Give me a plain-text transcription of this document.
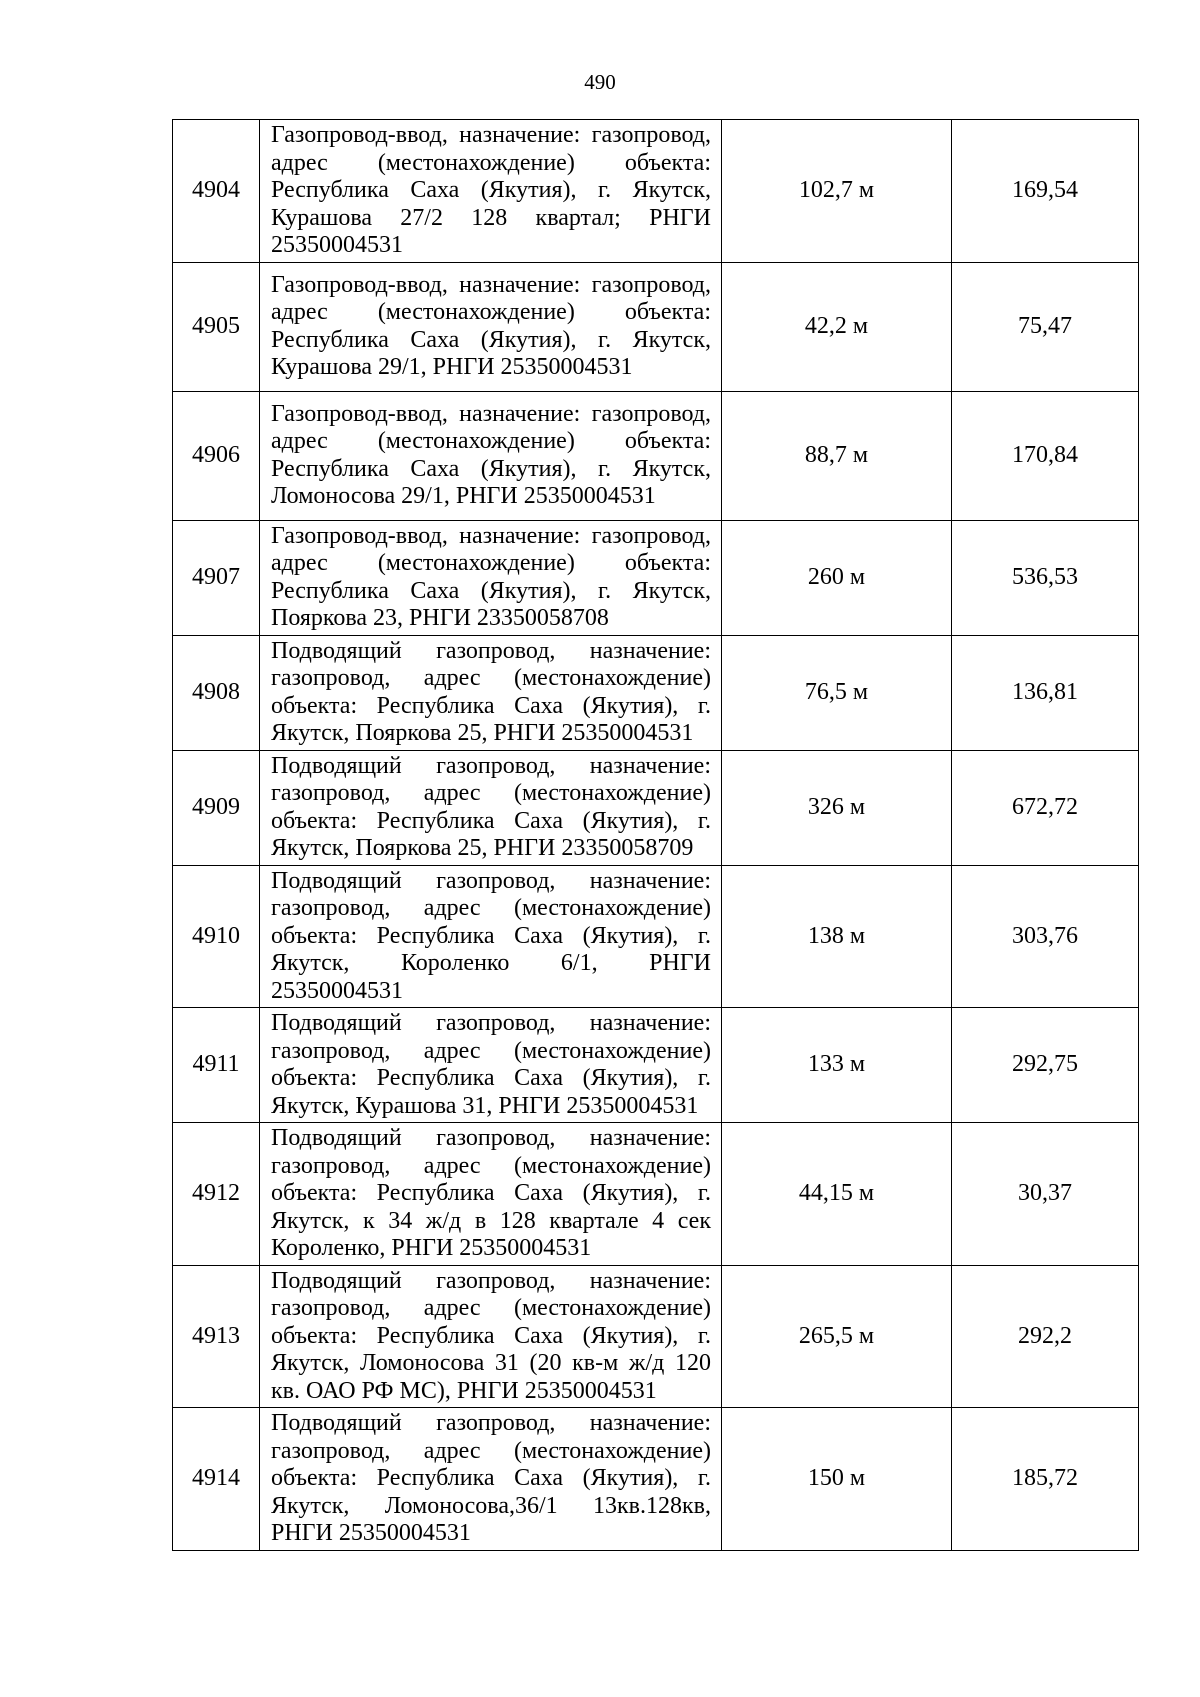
490
4904	Газопровод-ввод, назначение: газопровод, адрес (местонахождение) объекта: Республика Саха (Якутия), г. Якутск, Курашова 27/2 128 квартал; РНГИ 25350004531	102,7 м	169,54
4905	Газопровод-ввод, назначение: газопровод, адрес (местонахождение) объекта: Республика Саха (Якутия), г. Якутск, Курашова 29/1, РНГИ 25350004531	42,2 м	75,47
4906	Газопровод-ввод, назначение: газопровод, адрес (местонахождение) объекта: Республика Саха (Якутия), г. Якутск, Ломоносова 29/1, РНГИ 25350004531	88,7 м	170,84
4907	Газопровод-ввод, назначение: газопровод, адрес (местонахождение) объекта: Республика Саха (Якутия), г. Якутск, Пояркова 23, РНГИ 23350058708	260 м	536,53
4908	Подводящий газопровод, назначение: газопровод, адрес (местонахождение) объекта: Республика Саха (Якутия), г. Якутск, Пояркова 25, РНГИ 25350004531	76,5 м	136,81
4909	Подводящий газопровод, назначение: газопровод, адрес (местонахождение) объекта: Республика Саха (Якутия), г. Якутск, Пояркова 25, РНГИ 23350058709	326 м	672,72
4910	Подводящий газопровод, назначение: газопровод, адрес (местонахождение) объекта: Республика Саха (Якутия), г. Якутск, Короленко 6/1, РНГИ 25350004531	138 м	303,76
4911	Подводящий газопровод, назначение: газопровод, адрес (местонахождение) объекта: Республика Саха (Якутия), г. Якутск, Курашова 31, РНГИ 25350004531	133 м	292,75
4912	Подводящий газопровод, назначение: газопровод, адрес (местонахождение) объекта: Республика Саха (Якутия), г. Якутск, к 34 ж/д в 128 квартале 4 сек Короленко, РНГИ 25350004531	44,15 м	30,37
4913	Подводящий газопровод, назначение: газопровод, адрес (местонахождение) объекта: Республика Саха (Якутия), г. Якутск, Ломоносова 31 (20 кв-м ж/д 120 кв. ОАО РФ МС), РНГИ 25350004531	265,5 м	292,2
4914	Подводящий газопровод, назначение: газопровод, адрес (местонахождение) объекта: Республика Саха (Якутия), г. Якутск, Ломоносова,36/1 13кв.128кв, РНГИ 25350004531	150 м	185,72
